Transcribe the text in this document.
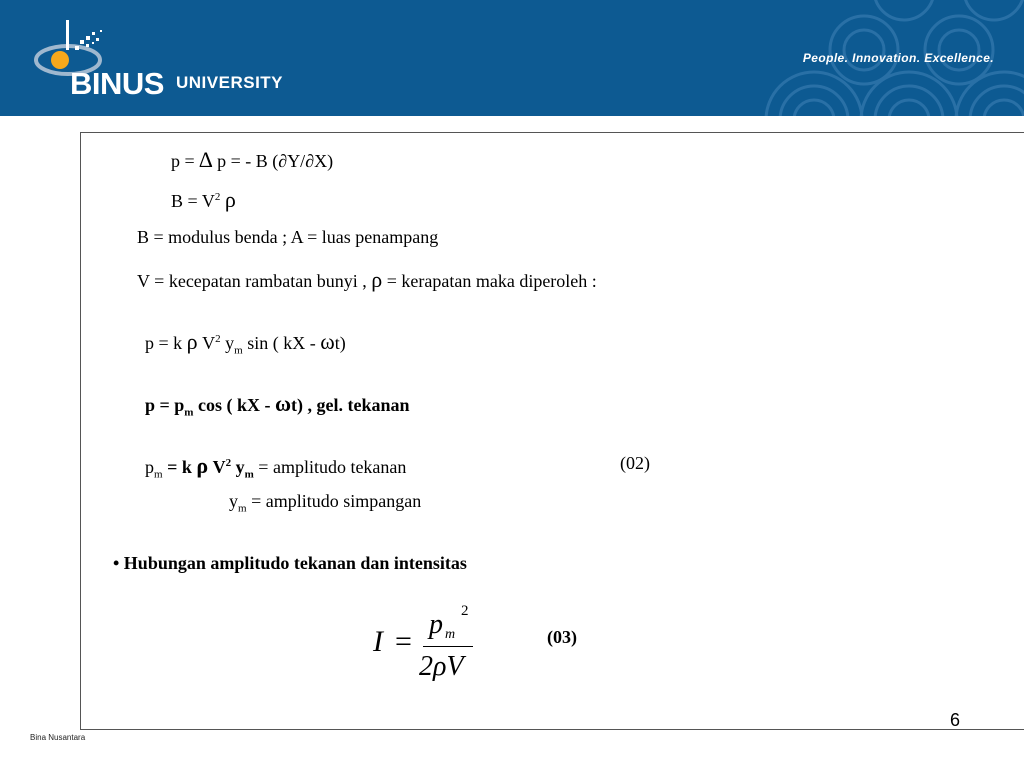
BINUS UNIVERSITY
People. Innovation. Excellence.
p = ∆ p = - B (∂Y/∂X)
$B = V^2$ ρ
B = modulus benda ; A = luas penampang
V = kecepatan rambatan bunyi , ρ = kerapatan maka diperoleh :
p = k ρ $V^2$ $y_m$ sin ( kX - ωt)
$p = p_m$ cos ( kX - ωt) , gel. tekanan
$p_m = k$ ρ $V^2$ $y_m$ = amplitudo tekanan	(02)
$y_m$ = amplitudo simpangan
• Hubungan amplitudo tekanan dan intensitas
I =
p m
2
2ρV
(03)
6
Bina Nusantara
